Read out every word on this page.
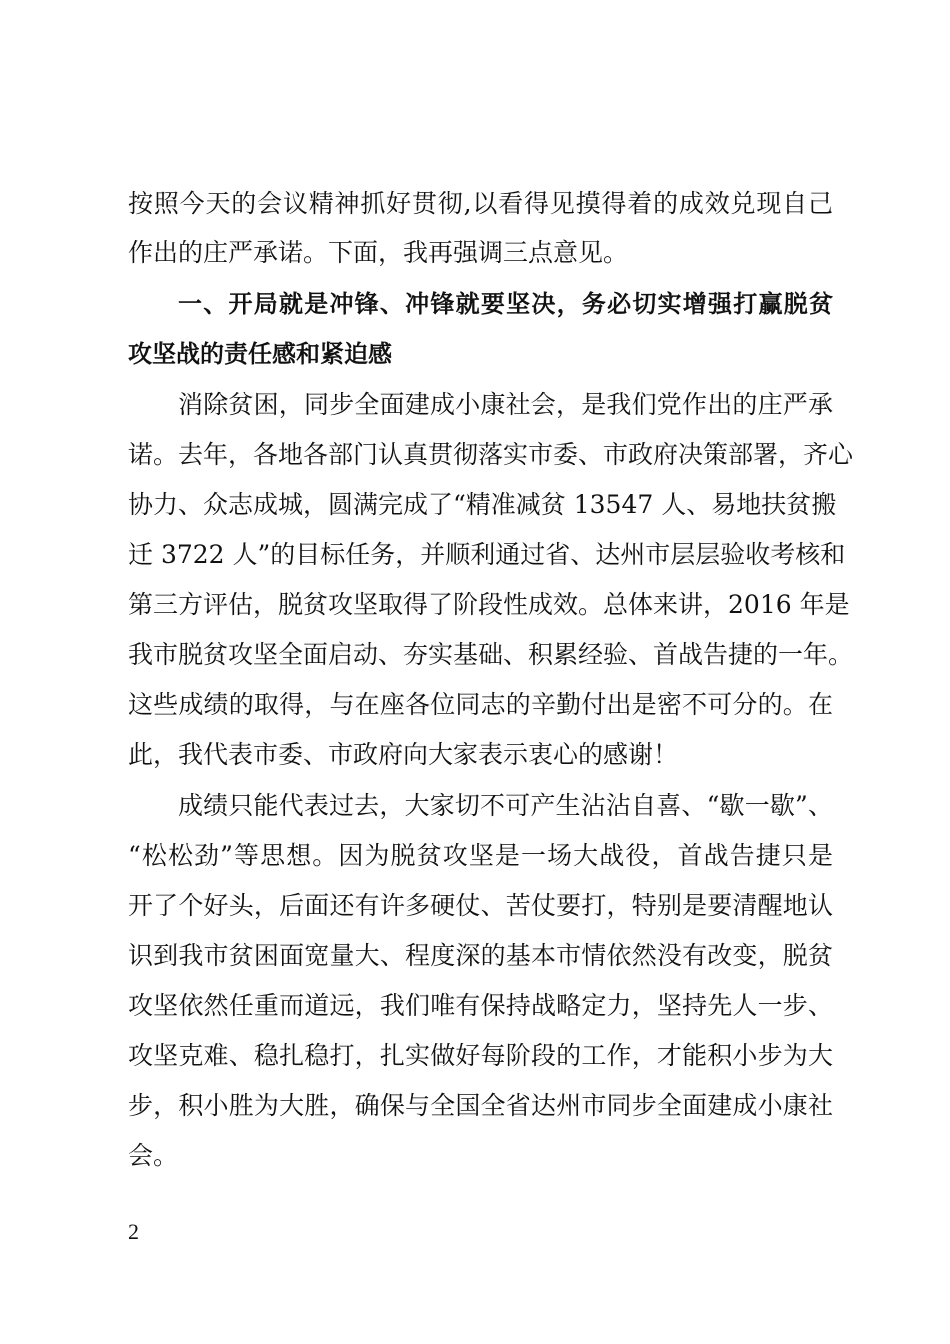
按照今天的会议精神抓好贯彻,以看得见摸得着的成效兑现自己
作出的庄严承诺。下面，我再强调三点意见。
一、开局就是冲锋、冲锋就要坚决，务必切实增强打赢脱贫
攻坚战的责任感和紧迫感
消除贫困，同步全面建成小康社会，是我们党作出的庄严承
诺。去年，各地各部门认真贯彻落实市委、市政府决策部署，齐心
协力、众志成城，圆满完成了“精准减贫 13547 人、易地扶贫搬
迁 3722 人”的目标任务，并顺利通过省、达州市层层验收考核和
第三方评估，脱贫攻坚取得了阶段性成效。总体来讲，2016 年是
我市脱贫攻坚全面启动、夯实基础、积累经验、首战告捷的一年。
这些成绩的取得，与在座各位同志的辛勤付出是密不可分的。在
此，我代表市委、市政府向大家表示衷心的感谢！
成绩只能代表过去，大家切不可产生沾沾自喜、“歇一歇”、
“松松劲”等思想。因为脱贫攻坚是一场大战役，首战告捷只是
开了个好头，后面还有许多硬仗、苦仗要打，特别是要清醒地认
识到我市贫困面宽量大、程度深的基本市情依然没有改变，脱贫
攻坚依然任重而道远，我们唯有保持战略定力，坚持先人一步、
攻坚克难、稳扎稳打，扎实做好每阶段的工作，才能积小步为大
步，积小胜为大胜，确保与全国全省达州市同步全面建成小康社
会。
2
